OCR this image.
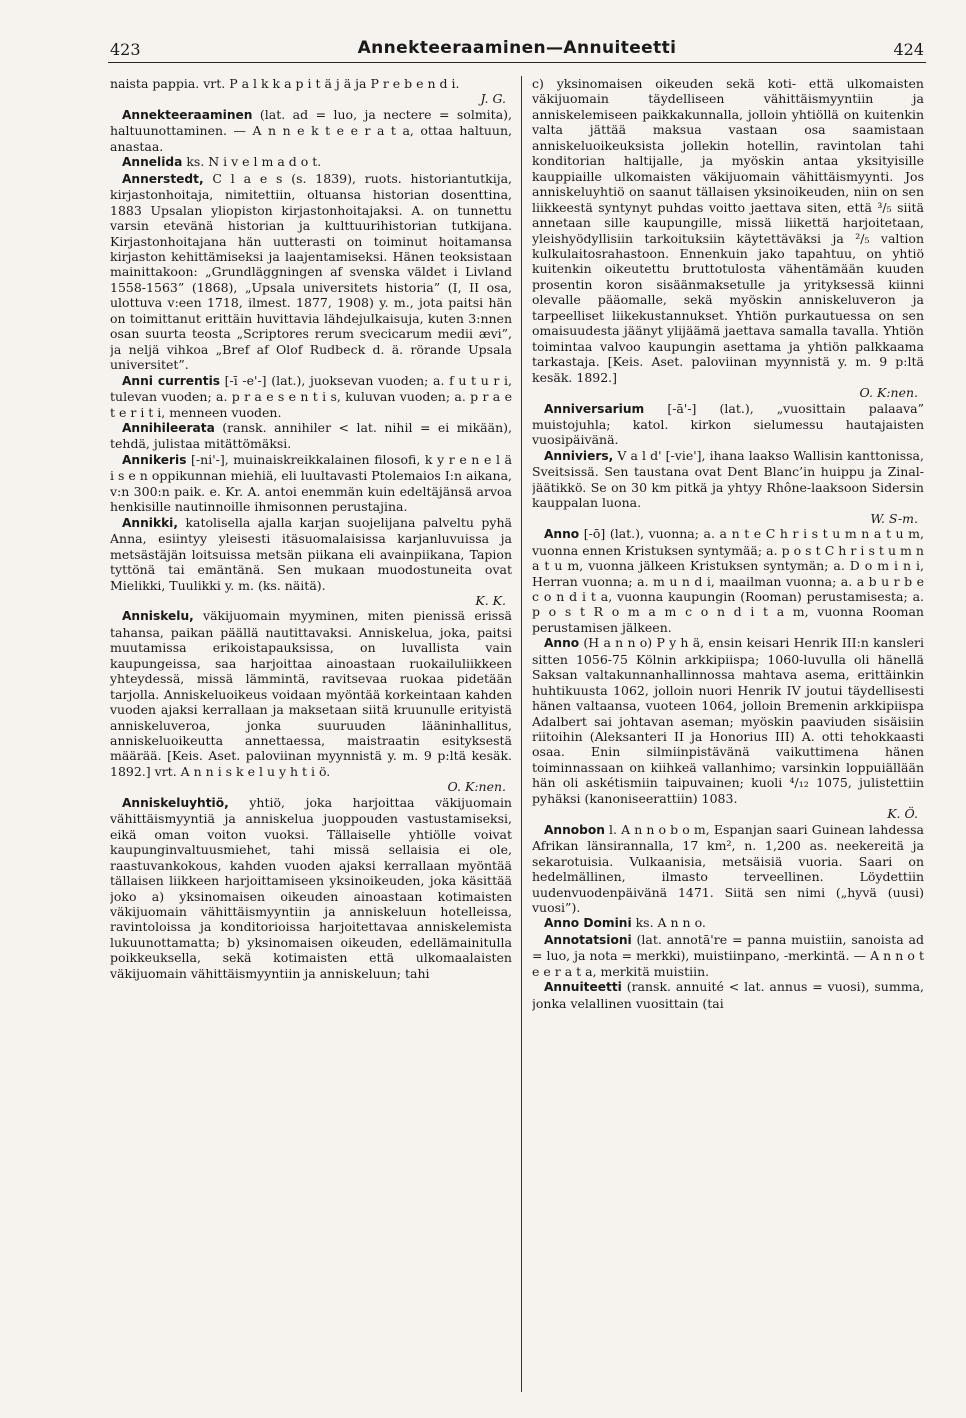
423	Annekteeraaminen—Annuiteetti	424

naista pappia. vrt. P a l k k a p i t ä j ä ja P r e b e n d i.
J. G.

Annekteeraaminen (lat. ad = luo, ja nectere = solmita), haltuunottaminen. — A n n e k t e e r a t a, ottaa haltuun, anastaa.

Annelida ks. N i v e l m a d o t.

Annerstedt, C l a e s (s. 1839), ruots. historiantutkija, kirjastonhoitaja, nimitettiin, oltuansa historian dosenttina, 1883 Upsalan yliopiston kirjastonhoitajaksi. A. on tunnettu varsin etevänä historian ja kulttuurihistorian tutkijana. Kirjastonhoitajana hän uutterasti on toiminut hoitamansa kirjaston kehittämiseksi ja laajentamiseksi. Hänen teoksistaan mainittakoon: „Grundläggningen af svenska väldet i Livland 1558-1563” (1868), „Upsala universitets historia” (I, II osa, ulottuva v:een 1718, ilmest. 1877, 1908) y. m., jota paitsi hän on toimittanut erittäin huvittavia lähdejulkaisuja, kuten 3:nnen osan suurta teosta „Scriptores rerum svecicarum medii ævi”, ja neljä vihkoa „Bref af Olof Rudbeck d. ä. rörande Upsala universitet”.

Anni currentis [-ī -e'-] (lat.), juoksevan vuoden; a. f u t u r i, tulevan vuoden; a. p r a e s e n t i s, kuluvan vuoden; a. p r a e t e r i t i, menneen vuoden.

Annihileerata (ransk. annihiler < lat. nihil = ei mikään), tehdä, julistaa mitättömäksi.

Annikeris [-ni'-], muinaiskreikkalainen filosofi, k y r e n e l ä i s e n oppikunnan miehiä, eli luultavasti Ptolemaios I:n aikana, v:n 300:n paik. e. Kr. A. antoi enemmän kuin edeltäjänsä arvoa henkisille nautinnoille ihmisonnen perustajina.

Annikki, katolisella ajalla karjan suojelijana palveltu pyhä Anna, esiintyy yleisesti itäsuomalaisissa karjanluvuissa ja metsästäjän loitsuissa metsän piikana eli avainpiikana, Tapion tyttönä tai emäntänä. Sen mukaan muodostuneita ovat Mielikki, Tuulikki y. m. (ks. näitä).
K. K.

Anniskelu, väkijuomain myyminen, miten pienissä erissä tahansa, paikan päällä nautittavaksi. Anniskelua, joka, paitsi muutamissa erikoistapauksissa, on luvallista vain kaupungeissa, saa harjoittaa ainoastaan ruokailuliikkeen yhteydessä, missä lämmintä, ravitsevaa ruokaa pidetään tarjolla. Anniskeluoikeus voidaan myöntää korkeintaan kahden vuoden ajaksi kerrallaan ja maksetaan siitä kruunulle erityistä anniskeluveroa, jonka suuruuden lääninhallitus, anniskeluoikeutta annettaessa, maistraatin esityksestä määrää. [Keis. Aset. paloviinan myynnistä y. m. 9 p:ltä kesäk. 1892.] vrt. A n n i s k e l u y h t i ö.
O. K:nen.

Anniskeluyhtiö, yhtiö, joka harjoittaa väkijuomain vähittäismyyntiä ja anniskelua juoppouden vastustamiseksi, eikä oman voiton vuoksi. Tällaiselle yhtiölle voivat kaupunginvaltuusmiehet, tahi missä sellaisia ei ole, raastuvankokous, kahden vuoden ajaksi kerrallaan myöntää tällaisen liikkeen harjoittamiseen yksinoikeuden, joka käsittää joko a) yksinomaisen oikeuden ainoastaan kotimaisten väkijuomain vähittäismyyntiin ja anniskeluun hotelleissa, ravintoloissa ja konditorioissa harjoitettavaa anniskelemista lukuunottamatta; b) yksinomaisen oikeuden, edellämainitulla poikkeuksella, sekä kotimaisten että ulkomaalaisten väkijuomain vähittäismyyntiin ja anniskeluun; tahi

c) yksinomaisen oikeuden sekä koti- että ulkomaisten väkijuomain täydelliseen vähittäismyyntiin ja anniskelemiseen paikkakunnalla, jolloin yhtiöllä on kuitenkin valta jättää maksua vastaan osa saamistaan anniskeluoikeuksista jollekin hotellin, ravintolan tahi konditorian haltijalle, ja myöskin antaa yksityisille kauppiaille ulkomaisten väkijuomain vähittäismyynti. Jos anniskeluyhtiö on saanut tällaisen yksinoikeuden, niin on sen liikkeestä syntynyt puhdas voitto jaettava siten, että ³/₅ siitä annetaan sille kaupungille, missä liikettä harjoitetaan, yleishyödyllisiin tarkoituksiin käytettäväksi ja ²/₅ valtion kulkulaitosrahastoon. Ennenkuin jako tapahtuu, on yhtiö kuitenkin oikeutettu bruttotulosta vähentämään kuuden prosentin koron sisäänmaksetulle ja yrityksessä kiinni olevalle pääomalle, sekä myöskin anniskeluveron ja tarpeelliset liikekustannukset. Yhtiön purkautuessa on sen omaisuudesta jäänyt ylijäämä jaettava samalla tavalla. Yhtiön toimintaa valvoo kaupungin asettama ja yhtiön palkkaama tarkastaja. [Keis. Aset. paloviinan myynnistä y. m. 9 p:ltä kesäk. 1892.]
O. K:nen.

Anniversarium [-ā'-] (lat.), „vuosittain palaava” muistojuhla; katol. kirkon sielumessu hautajaisten vuosipäivänä.

Anniviers, V a l d' [-vie'], ihana laakso Wallisin kanttonissa, Sveitsissä. Sen taustana ovat Dent Blanc’in huippu ja Zinal-jäätikkö. Se on 30 km pitkä ja yhtyy Rhône-laaksoon Sidersin kauppalan luona.
W. S-m.

Anno [-ō] (lat.), vuonna; a. a n t e C h r i s t u m n a t u m, vuonna ennen Kristuksen syntymää; a. p o s t C h r i s t u m n a t u m, vuonna jälkeen Kristuksen syntymän; a. D o m i n i, Herran vuonna; a. m u n d i, maailman vuonna; a. a b u r b e c o n d i t a, vuonna kaupungin (Rooman) perustamisesta; a. p o s t R o m a m c o n d i t a m, vuonna Rooman perustamisen jälkeen.

Anno (H a n n o) P y h ä, ensin keisari Henrik III:n kansleri sitten 1056-75 Kölnin arkkipiispa; 1060-luvulla oli hänellä Saksan valtakunnanhallinnossa mahtava asema, erittäinkin huhtikuusta 1062, jolloin nuori Henrik IV joutui täydellisesti hänen valtaansa, vuoteen 1064, jolloin Bremenin arkkipiispa Adalbert sai johtavan aseman; myöskin paaviuden sisäisiin riitoihin (Aleksanteri II ja Honorius III) A. otti tehokkaasti osaa. Enin silmiinpistävänä vaikuttimena hänen toiminnassaan on kiihkeä vallanhimo; varsinkin loppuiällään hän oli askétismiin taipuvainen; kuoli ⁴/₁₂ 1075, julistettiin pyhäksi (kanoniseerattiin) 1083.
K. Ö.

Annobon l. A n n o b o m, Espanjan saari Guinean lahdessa Afrikan länsirannalla, 17 km², n. 1,200 as. neekereitä ja sekarotuisia. Vulkaanisia, metsäisiä vuoria. Saari on hedelmällinen, ilmasto terveellinen. Löydettiin uudenvuodenpäivänä 1471. Siitä sen nimi („hyvä (uusi) vuosi”).

Anno Domini ks. A n n o.

Annotatsioni (lat. annotā're = panna muistiin, sanoista ad = luo, ja nota = merkki), muistiinpano, -merkintä. — A n n o t e e r a t a, merkitä muistiin.

Annuiteetti (ransk. annuité < lat. annus = vuosi), summa, jonka velallinen vuosittain (tai
